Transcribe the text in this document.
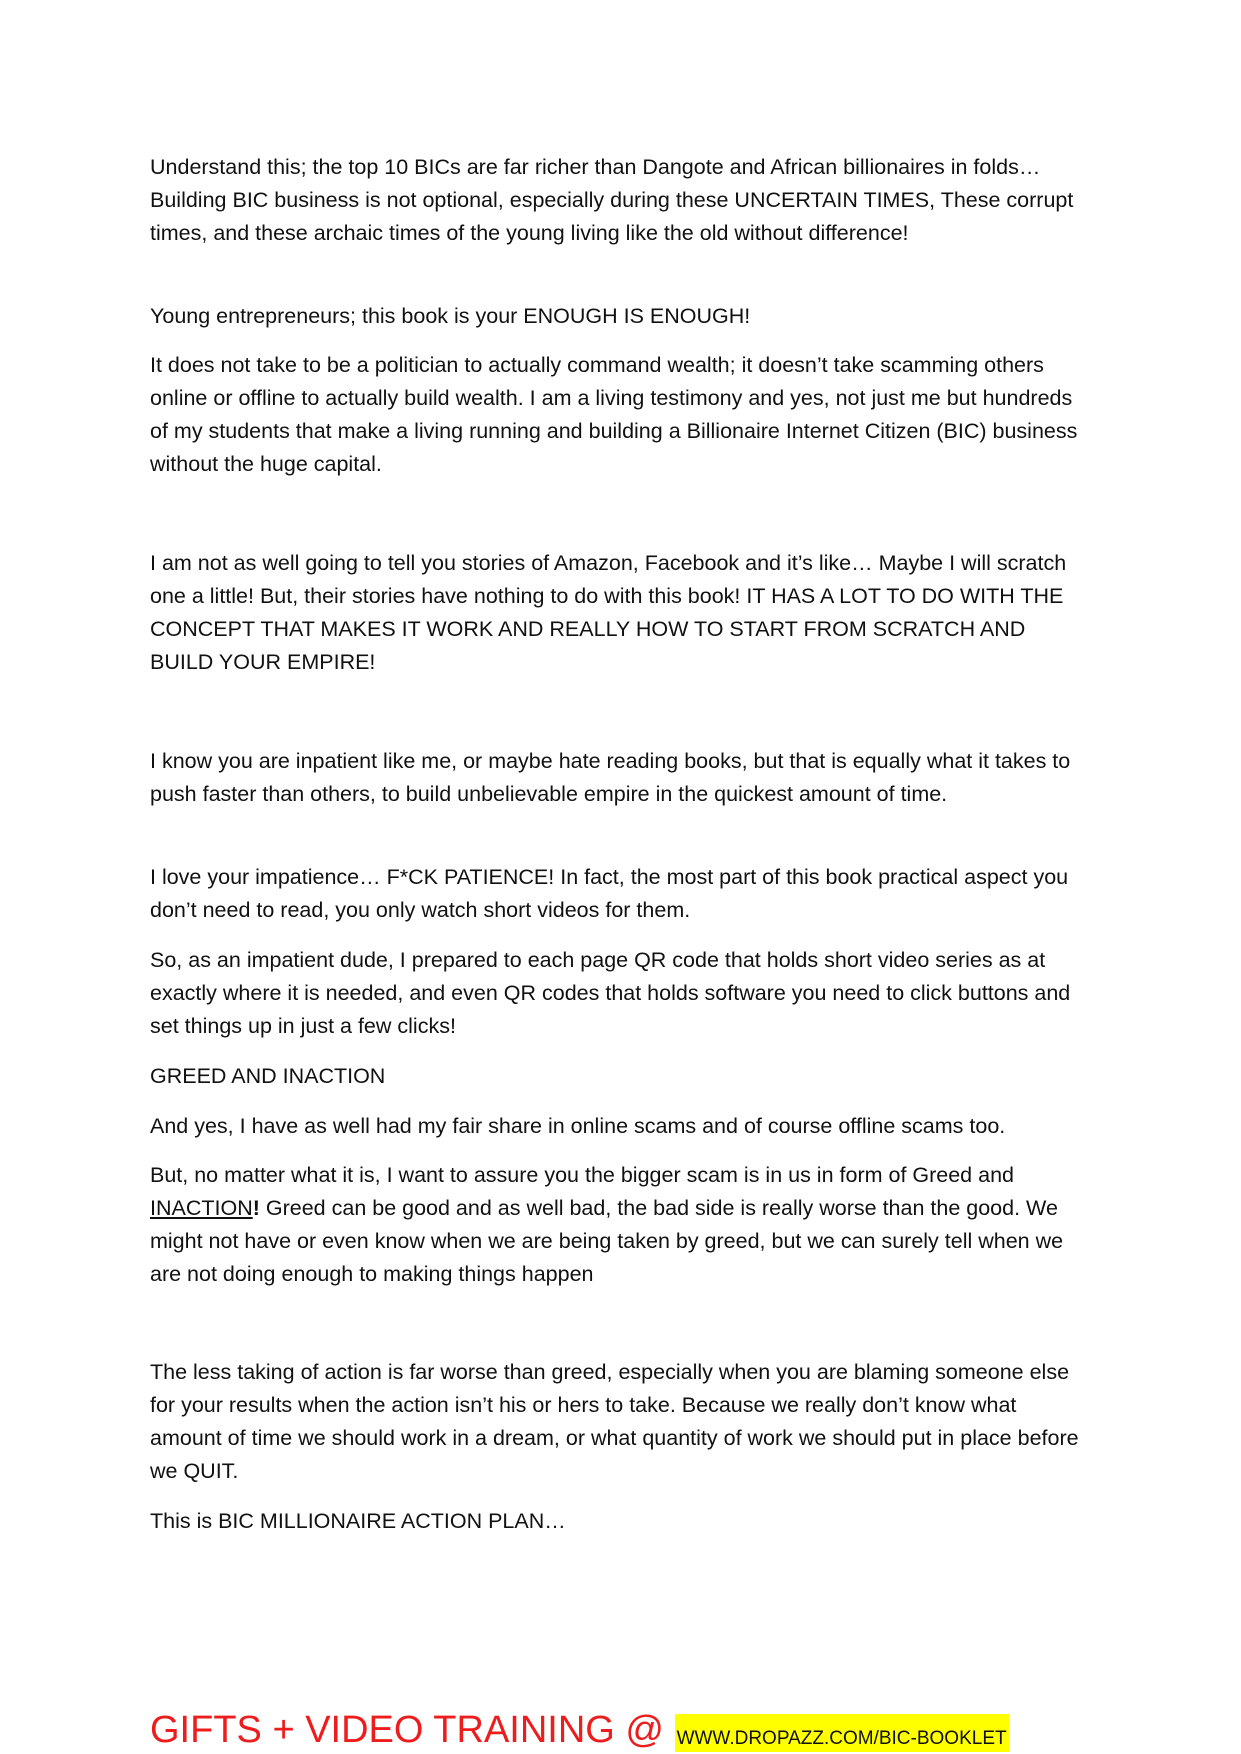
Understand this; the top 10 BICs are far richer than Dangote and African billionaires in folds… Building BIC business is not optional, especially during these UNCERTAIN TIMES, These corrupt times, and these archaic times of the young living like the old without difference!

Young entrepreneurs; this book is your ENOUGH IS ENOUGH!

It does not take to be a politician to actually command wealth; it doesn’t take scamming others online or offline to actually build wealth. I am a living testimony and yes, not just me but hundreds of my students that make a living running and building a Billionaire Internet Citizen (BIC) business without the huge capital.

I am not as well going to tell you stories of Amazon, Facebook and it’s like… Maybe I will scratch one a little! But, their stories have nothing to do with this book! IT HAS A LOT TO DO WITH THE CONCEPT THAT MAKES IT WORK AND REALLY HOW TO START FROM SCRATCH AND BUILD YOUR EMPIRE!

I know you are inpatient like me, or maybe hate reading books, but that is equally what it takes to push faster than others, to build unbelievable empire in the quickest amount of time.

I love your impatience… F*CK PATIENCE! In fact, the most part of this book practical aspect you don’t need to read, you only watch short videos for them.

So, as an impatient dude, I prepared to each page QR code that holds short video series as at exactly where it is needed, and even QR codes that holds software you need to click buttons and set things up in just a few clicks!

GREED AND INACTION

And yes, I have as well had my fair share in online scams and of course offline scams too.

But, no matter what it is, I want to assure you the bigger scam is in us in form of Greed and INACTION! Greed can be good and as well bad, the bad side is really worse than the good. We might not have or even know when we are being taken by greed, but we can surely tell when we are not doing enough to making things happen

The less taking of action is far worse than greed, especially when you are blaming someone else for your results when the action isn’t his or hers to take. Because we really don’t know what amount of time we should work in a dream, or what quantity of work we should put in place before we QUIT.

This is BIC MILLIONAIRE ACTION PLAN…

GIFTS + VIDEO TRAINING @ WWW.DROPAZZ.COM/BIC-BOOKLET
